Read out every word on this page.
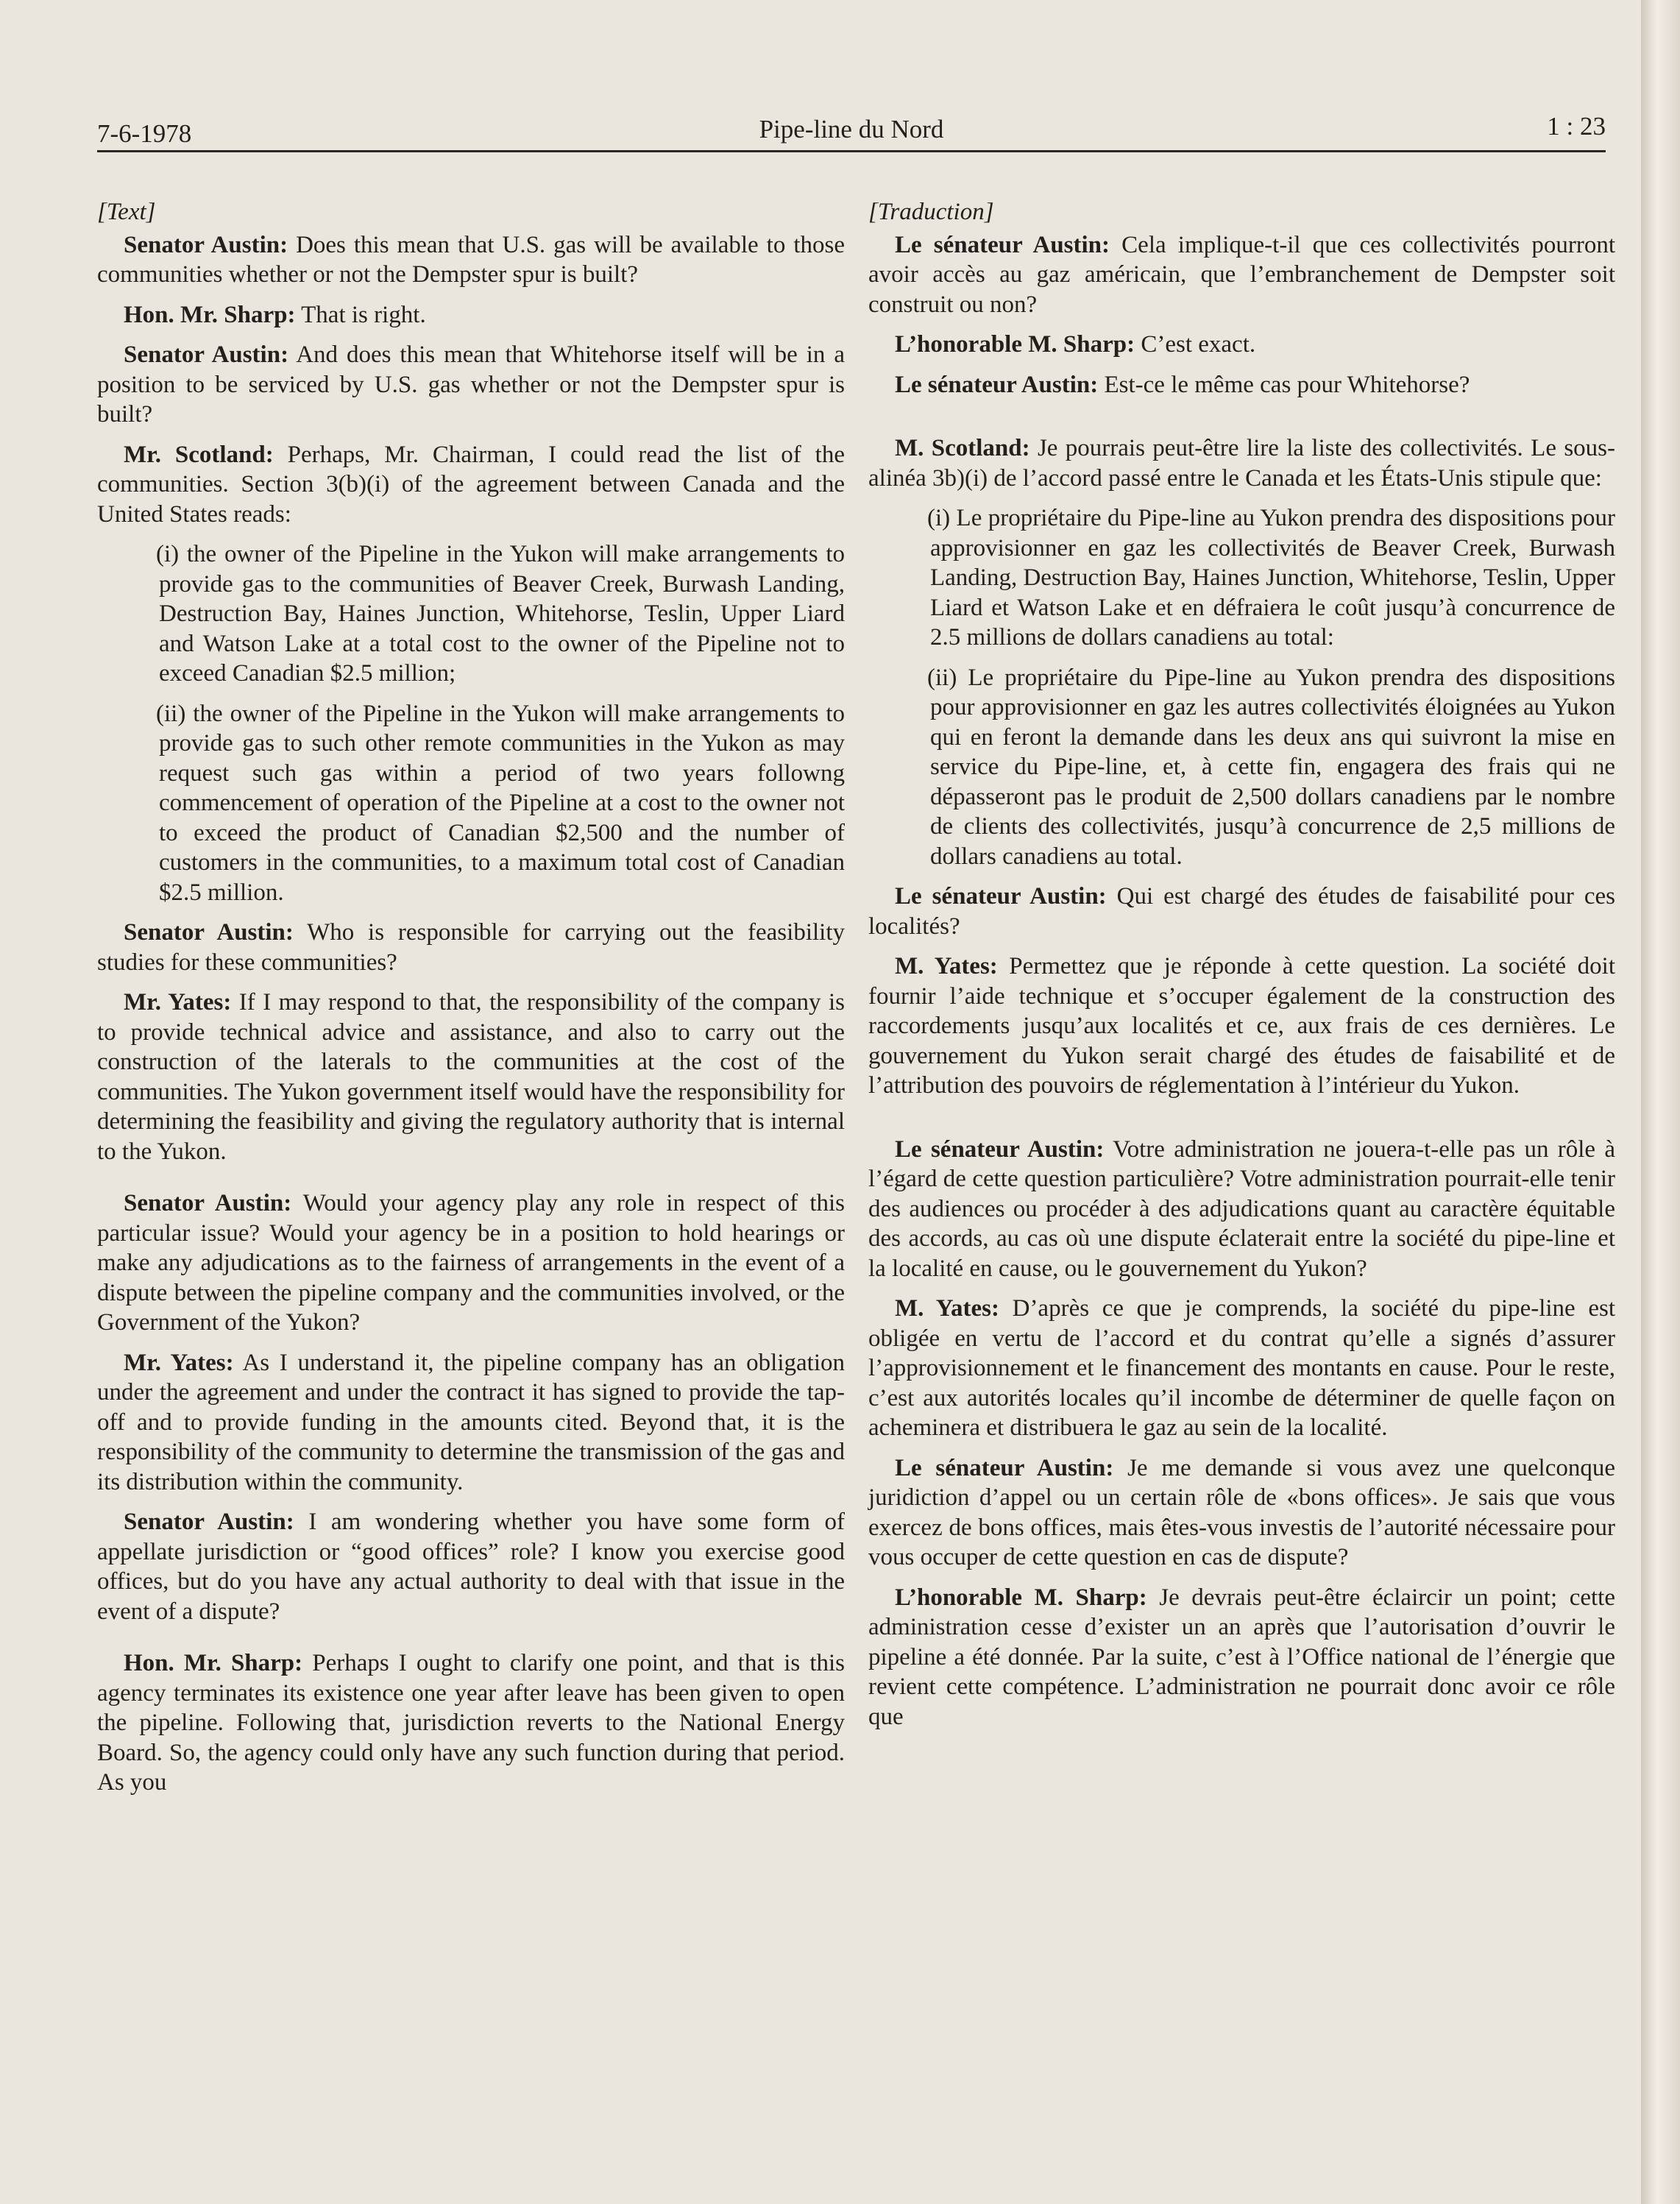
7-6-1978	Pipe-line du Nord	1 : 23

[Text]

Senator Austin: Does this mean that U.S. gas will be available to those communities whether or not the Dempster spur is built?

Hon. Mr. Sharp: That is right.

Senator Austin: And does this mean that Whitehorse itself will be in a position to be serviced by U.S. gas whether or not the Dempster spur is built?

Mr. Scotland: Perhaps, Mr. Chairman, I could read the list of the communities. Section 3(b)(i) of the agreement between Canada and the United States reads:

(i) the owner of the Pipeline in the Yukon will make arrangements to provide gas to the communities of Beaver Creek, Burwash Landing, Destruction Bay, Haines Junction, Whitehorse, Teslin, Upper Liard and Watson Lake at a total cost to the owner of the Pipeline not to exceed Canadian $2.5 million;

(ii) the owner of the Pipeline in the Yukon will make arrangements to provide gas to such other remote communities in the Yukon as may request such gas within a period of two years followng commencement of operation of the Pipeline at a cost to the owner not to exceed the product of Canadian $2,500 and the number of customers in the communities, to a maximum total cost of Canadian $2.5 million.

Senator Austin: Who is responsible for carrying out the feasibility studies for these communities?

Mr. Yates: If I may respond to that, the responsibility of the company is to provide technical advice and assistance, and also to carry out the construction of the laterals to the communities at the cost of the communities. The Yukon government itself would have the responsibility for determining the feasibility and giving the regulatory authority that is internal to the Yukon.

Senator Austin: Would your agency play any role in respect of this particular issue? Would your agency be in a position to hold hearings or make any adjudications as to the fairness of arrangements in the event of a dispute between the pipeline company and the communities involved, or the Government of the Yukon?

Mr. Yates: As I understand it, the pipeline company has an obligation under the agreement and under the contract it has signed to provide the tap-off and to provide funding in the amounts cited. Beyond that, it is the responsibility of the community to determine the transmission of the gas and its distribution within the community.

Senator Austin: I am wondering whether you have some form of appellate jurisdiction or “good offices” role? I know you exercise good offices, but do you have any actual authority to deal with that issue in the event of a dispute?

Hon. Mr. Sharp: Perhaps I ought to clarify one point, and that is this agency terminates its existence one year after leave has been given to open the pipeline. Following that, jurisdiction reverts to the National Energy Board. So, the agency could only have any such function during that period. As you

[Traduction]

Le sénateur Austin: Cela implique-t-il que ces collectivités pourront avoir accès au gaz américain, que l’embranchement de Dempster soit construit ou non?

L’honorable M. Sharp: C’est exact.

Le sénateur Austin: Est-ce le même cas pour Whitehorse?

M. Scotland: Je pourrais peut-être lire la liste des collectivités. Le sous-alinéa 3b)(i) de l’accord passé entre le Canada et les États-Unis stipule que:

(i) Le propriétaire du Pipe-line au Yukon prendra des dispositions pour approvisionner en gaz les collectivités de Beaver Creek, Burwash Landing, Destruction Bay, Haines Junction, Whitehorse, Teslin, Upper Liard et Watson Lake et en défraiera le coût jusqu’à concurrence de 2.5 millions de dollars canadiens au total:

(ii) Le propriétaire du Pipe-line au Yukon prendra des dispositions pour approvisionner en gaz les autres collectivités éloignées au Yukon qui en feront la demande dans les deux ans qui suivront la mise en service du Pipe-line, et, à cette fin, engagera des frais qui ne dépasseront pas le produit de 2,500 dollars canadiens par le nombre de clients des collectivités, jusqu’à concurrence de 2,5 millions de dollars canadiens au total.

Le sénateur Austin: Qui est chargé des études de faisabilité pour ces localités?

M. Yates: Permettez que je réponde à cette question. La société doit fournir l’aide technique et s’occuper également de la construction des raccordements jusqu’aux localités et ce, aux frais de ces dernières. Le gouvernement du Yukon serait chargé des études de faisabilité et de l’attribution des pouvoirs de réglementation à l’intérieur du Yukon.

Le sénateur Austin: Votre administration ne jouera-t-elle pas un rôle à l’égard de cette question particulière? Votre administration pourrait-elle tenir des audiences ou procéder à des adjudications quant au caractère équitable des accords, au cas où une dispute éclaterait entre la société du pipe-line et la localité en cause, ou le gouvernement du Yukon?

M. Yates: D’après ce que je comprends, la société du pipe-line est obligée en vertu de l’accord et du contrat qu’elle a signés d’assurer l’approvisionnement et le financement des montants en cause. Pour le reste, c’est aux autorités locales qu’il incombe de déterminer de quelle façon on acheminera et distribuera le gaz au sein de la localité.

Le sénateur Austin: Je me demande si vous avez une quelconque juridiction d’appel ou un certain rôle de «bons offices». Je sais que vous exercez de bons offices, mais êtes-vous investis de l’autorité nécessaire pour vous occuper de cette question en cas de dispute?

L’honorable M. Sharp: Je devrais peut-être éclaircir un point; cette administration cesse d’exister un an après que l’autorisation d’ouvrir le pipeline a été donnée. Par la suite, c’est à l’Office national de l’énergie que revient cette compétence. L’administration ne pourrait donc avoir ce rôle que
